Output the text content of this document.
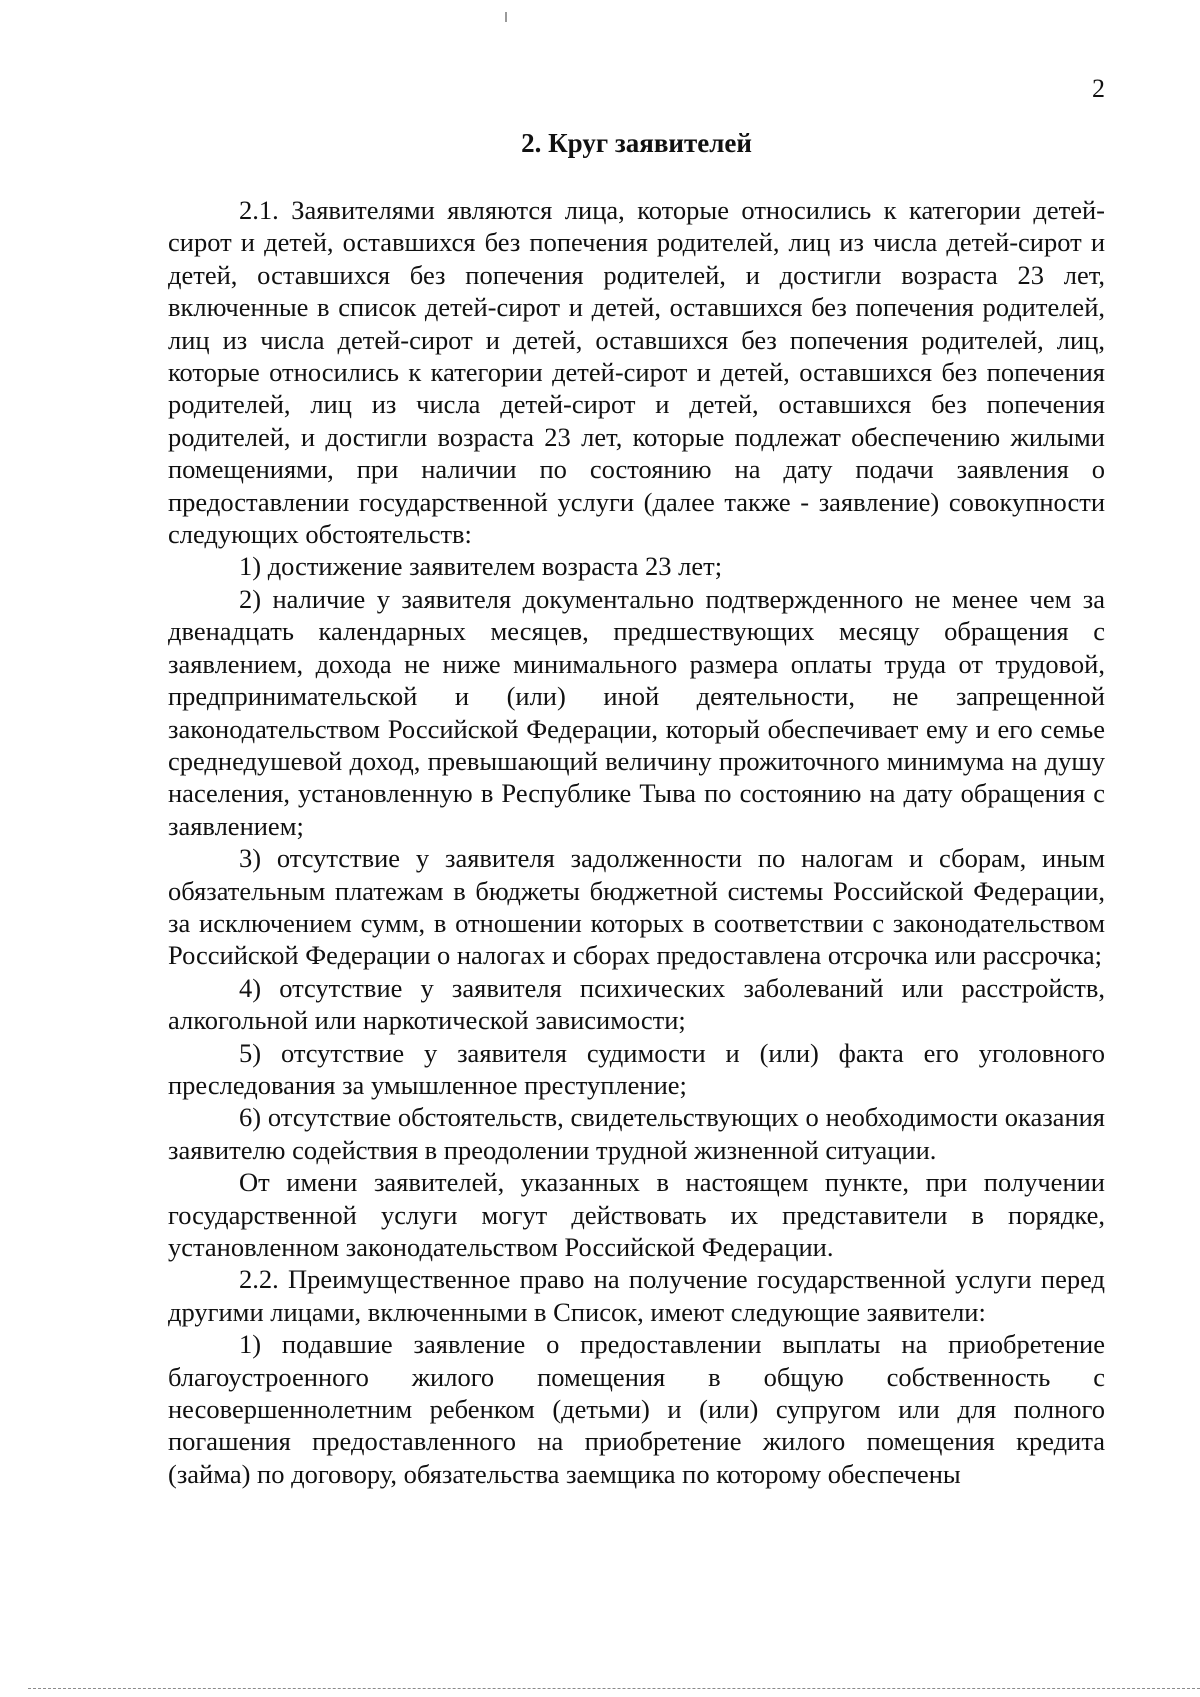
2
2. Круг заявителей

2.1. Заявителями являются лица, которые относились к категории детей-сирот и детей, оставшихся без попечения родителей, лиц из числа детей-сирот и детей, оставшихся без попечения родителей, и достигли возраста 23 лет, включенные в список детей-сирот и детей, оставшихся без попечения родителей, лиц из числа детей-сирот и детей, оставшихся без попечения родителей, лиц, которые относились к категории детей-сирот и детей, оставшихся без попечения родителей, лиц из числа детей-сирот и детей, оставшихся без попечения родителей, и достигли возраста 23 лет, которые подлежат обеспечению жилыми помещениями, при наличии по состоянию на дату подачи заявления о предоставлении государственной услуги (далее также - заявление) совокупности следующих обстоятельств:

1) достижение заявителем возраста 23 лет;

2) наличие у заявителя документально подтвержденного не менее чем за двенадцать календарных месяцев, предшествующих месяцу обращения с заявлением, дохода не ниже минимального размера оплаты труда от трудовой, предпринимательской и (или) иной деятельности, не запрещенной законодательством Российской Федерации, который обеспечивает ему и его семье среднедушевой доход, превышающий величину прожиточного минимума на душу населения, установленную в Республике Тыва по состоянию на дату обращения с заявлением;

3) отсутствие у заявителя задолженности по налогам и сборам, иным обязательным платежам в бюджеты бюджетной системы Российской Федерации, за исключением сумм, в отношении которых в соответствии с законодательством Российской Федерации о налогах и сборах предоставлена отсрочка или рассрочка;

4) отсутствие у заявителя психических заболеваний или расстройств, алкогольной или наркотической зависимости;

5) отсутствие у заявителя судимости и (или) факта его уголовного преследования за умышленное преступление;

6) отсутствие обстоятельств, свидетельствующих о необходимости оказания заявителю содействия в преодолении трудной жизненной ситуации.

От имени заявителей, указанных в настоящем пункте, при получении государственной услуги могут действовать их представители в порядке, установленном законодательством Российской Федерации.

2.2. Преимущественное право на получение государственной услуги перед другими лицами, включенными в Список, имеют следующие заявители:

1) подавшие заявление о предоставлении выплаты на приобретение благоустроенного жилого помещения в общую собственность с несовершеннолетним ребенком (детьми) и (или) супругом или для полного погашения предоставленного на приобретение жилого помещения кредита (займа) по договору, обязательства заемщика по которому обеспечены
